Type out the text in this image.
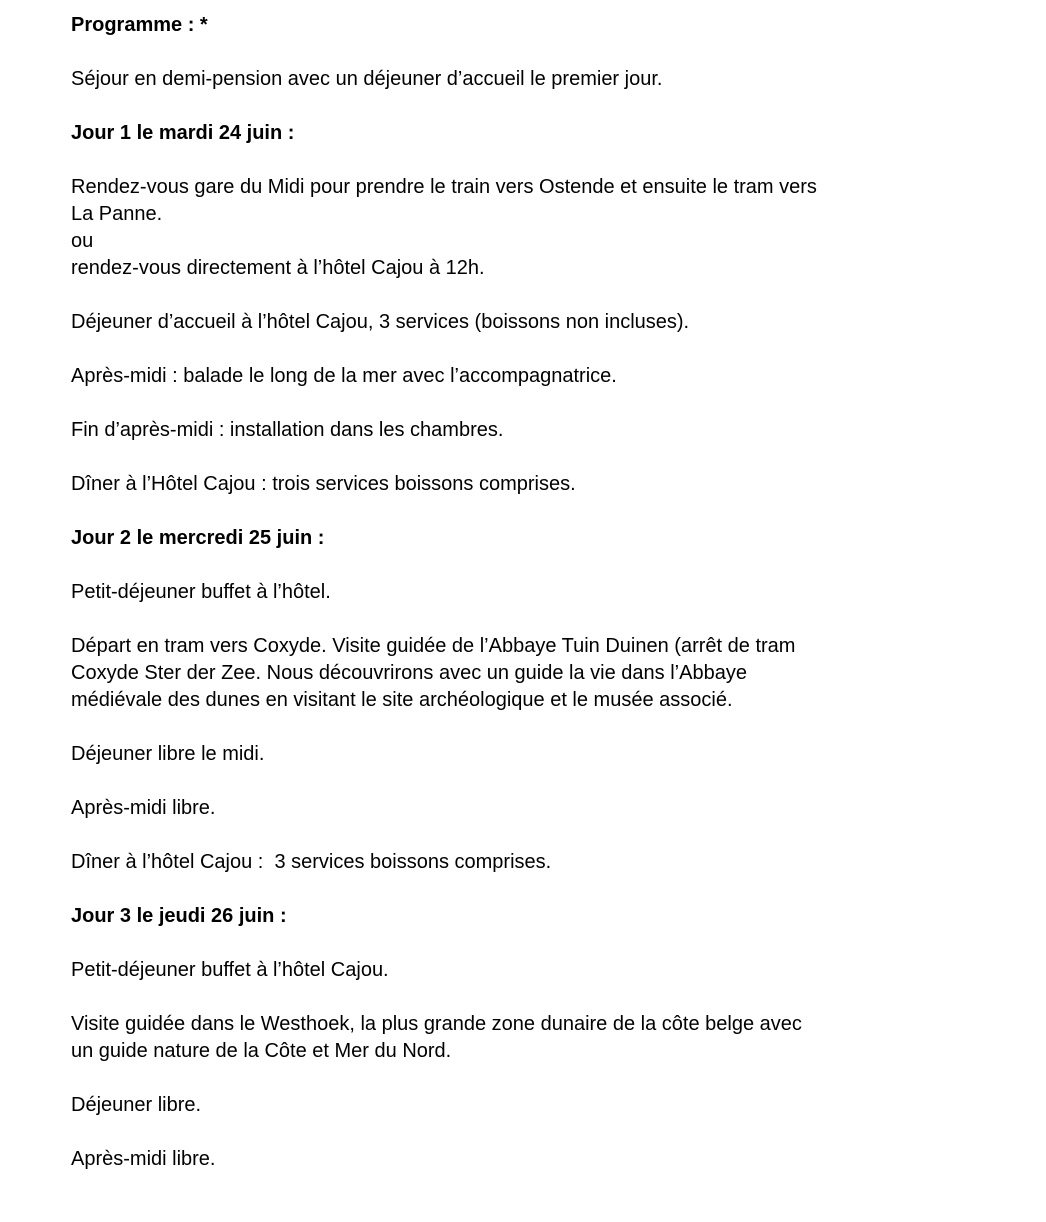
Programme : *

Séjour en demi-pension avec un déjeuner d’accueil le premier jour.

Jour 1 le mardi 24 juin :

Rendez-vous gare du Midi pour prendre le train vers Ostende et ensuite le tram vers

La Panne.

ou

rendez-vous directement à l’hôtel Cajou à 12h.

Déjeuner d’accueil à l’hôtel Cajou, 3 services (boissons non incluses).

Après-midi : balade le long de la mer avec l’accompagnatrice.

Fin d’après-midi : installation dans les chambres.

Dîner à l’Hôtel Cajou : trois services boissons comprises.

Jour 2 le mercredi 25 juin :

Petit-déjeuner buffet à l’hôtel.

Départ en tram vers Coxyde. Visite guidée de l’Abbaye Tuin Duinen (arrêt de tram

Coxyde Ster der Zee. Nous découvrirons avec un guide la vie dans l’Abbaye

médiévale des dunes en visitant le site archéologique et le musée associé.

Déjeuner libre le midi.

Après-midi libre.

Dîner à l’hôtel Cajou :  3 services boissons comprises.

Jour 3 le jeudi 26 juin :

Petit-déjeuner buffet à l’hôtel Cajou.

Visite guidée dans le Westhoek, la plus grande zone dunaire de la côte belge avec

un guide nature de la Côte et Mer du Nord.

Déjeuner libre.

Après-midi libre.
